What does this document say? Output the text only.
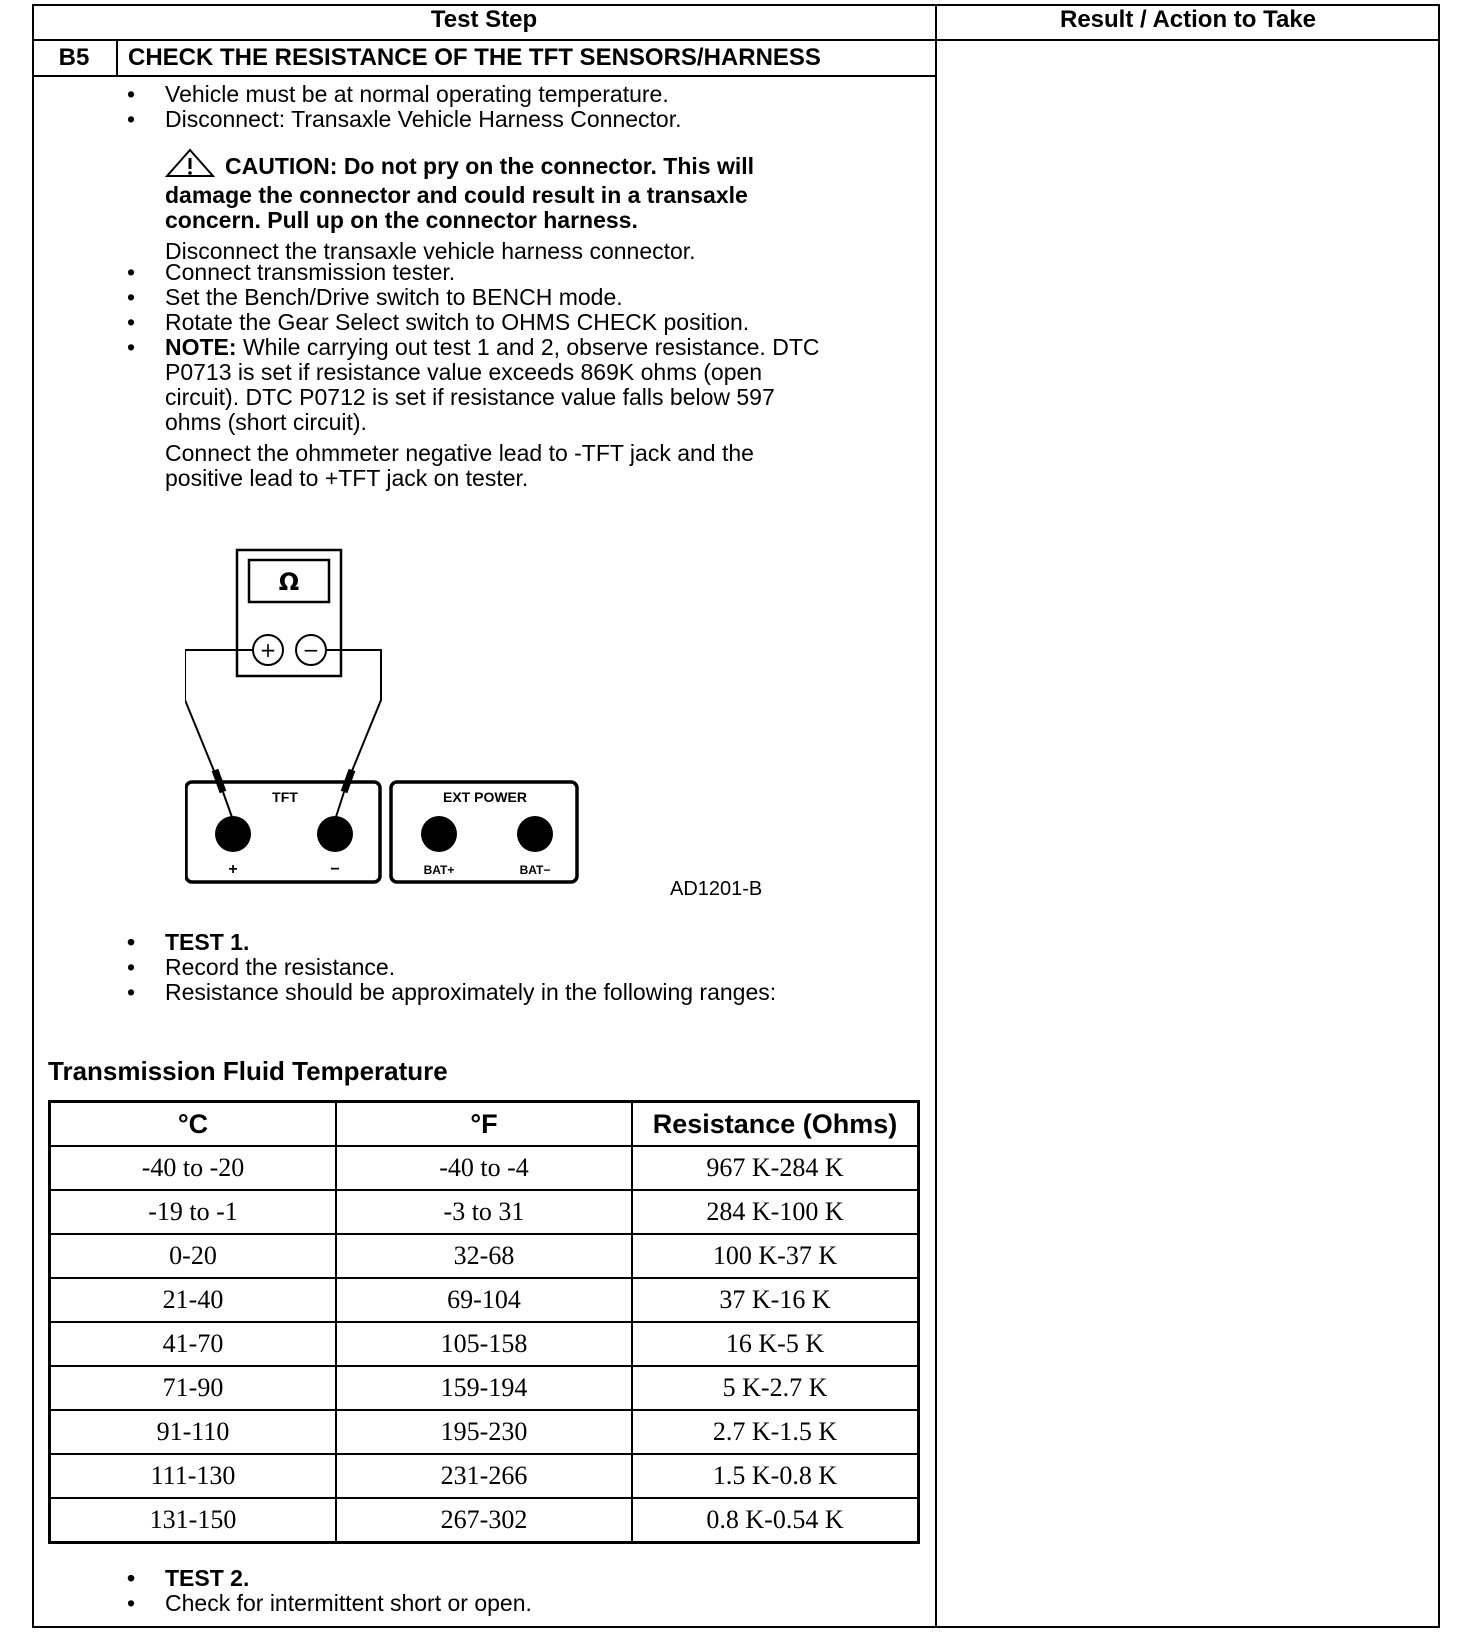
Test Step	Result / Action to Take
B5	CHECK THE RESISTANCE OF THE TFT SENSORS/HARNESS
• Vehicle must be at normal operating temperature.
• Disconnect: Transaxle Vehicle Harness Connector.
CAUTION: Do not pry on the connector. This will
damage the connector and could result in a transaxle
concern. Pull up on the connector harness.
Disconnect the transaxle vehicle harness connector.
• Connect transmission tester.
• Set the Bench/Drive switch to BENCH mode.
• Rotate the Gear Select switch to OHMS CHECK position.
• NOTE: While carrying out test 1 and 2, observe resistance. DTC
P0713 is set if resistance value exceeds 869K ohms (open
circuit). DTC P0712 is set if resistance value falls below 597
ohms (short circuit).
Connect the ohmmeter negative lead to -TFT jack and the
positive lead to +TFT jack on tester.
Ω
+ −
TFT
+	−
EXT POWER
BAT+	BAT−
AD1201-B
• TEST 1.
• Record the resistance.
• Resistance should be approximately in the following ranges:
Transmission Fluid Temperature
°C	°F	Resistance (Ohms)
-40 to -20	-40 to -4	967 K-284 K
-19 to -1	-3 to 31	284 K-100 K
0-20	32-68	100 K-37 K
21-40	69-104	37 K-16 K
41-70	105-158	16 K-5 K
71-90	159-194	5 K-2.7 K
91-110	195-230	2.7 K-1.5 K
111-130	231-266	1.5 K-0.8 K
131-150	267-302	0.8 K-0.54 K
• TEST 2.
• Check for intermittent short or open.
